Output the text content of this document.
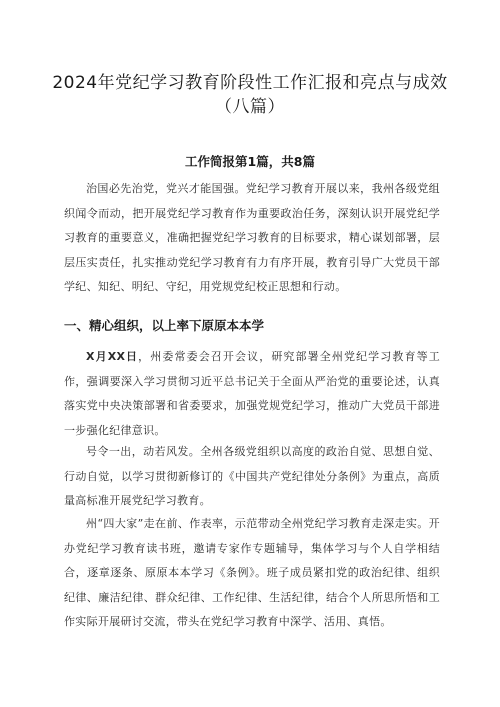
2024年党纪学习教育阶段性工作汇报和亮点与成效
（八篇）
工作简报第1篇，共8篇

治国必先治党，党兴才能国强。党纪学习教育开展以来，我州各级党组织闻令而动，把开展党纪学习教育作为重要政治任务，深刻认识开展党纪学习教育的重要意义，准确把握党纪学习教育的目标要求，精心谋划部署，层层压实责任，扎实推动党纪学习教育有力有序开展，教育引导广大党员干部学纪、知纪、明纪、守纪，用党规党纪校正思想和行动。

一、精心组织，以上率下原原本本学

X月XX日，州委常委会召开会议，研究部署全州党纪学习教育等工作，强调要深入学习贯彻习近平总书记关于全面从严治党的重要论述，认真落实党中央决策部署和省委要求，加强党规党纪学习，推动广大党员干部进一步强化纪律意识。

号令一出，动若风发。全州各级党组织以高度的政治自觉、思想自觉、行动自觉，以学习贯彻新修订的《中国共产党纪律处分条例》为重点，高质量高标准开展党纪学习教育。

州“四大家”走在前、作表率，示范带动全州党纪学习教育走深走实。开办党纪学习教育读书班，邀请专家作专题辅导，集体学习与个人自学相结合，逐章逐条、原原本本学习《条例》。班子成员紧扣党的政治纪律、组织纪律、廉洁纪律、群众纪律、工作纪律、生活纪律，结合个人所思所悟和工作实际开展研讨交流，带头在党纪学习教育中深学、活用、真悟。
